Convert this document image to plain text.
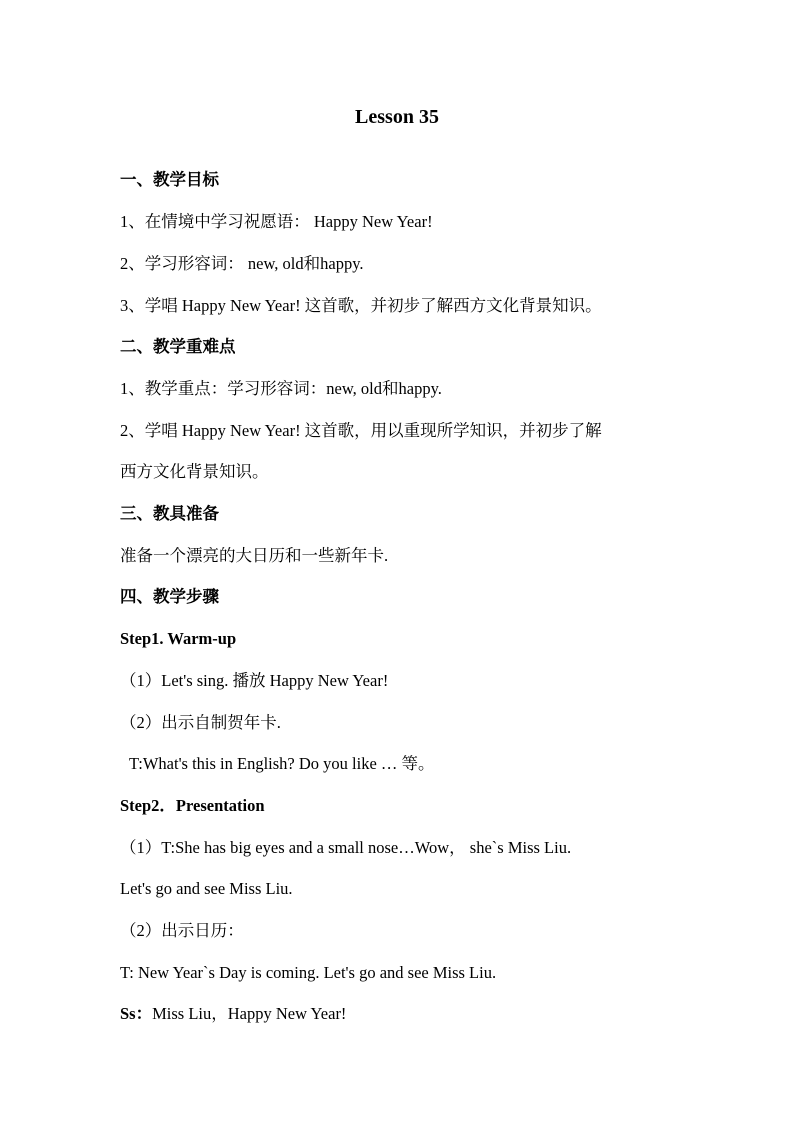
Lesson 35
一、教学目标
1、在情境中学习祝愿语： Happy New Year!
2、学习形容词： new, old和happy.
3、学唱 Happy New Year! 这首歌，并初步了解西方文化背景知识。
二、教学重难点
1、教学重点：学习形容词：new, old和happy.
2、学唱 Happy New Year! 这首歌，用以重现所学知识，并初步了解
西方文化背景知识。
三、教具准备
准备一个漂亮的大日历和一些新年卡.
四、教学步骤
Step1. Warm-up
（1）Let's sing. 播放 Happy New Year!
（2）出示自制贺年卡.
T:What's this in English? Do you like … 等。
Step2．Presentation
（1）T:She has big eyes and a small nose…Wow， she`s Miss Liu.
Let's go and see Miss Liu.
（2）出示日历：
T: New Year`s Day is coming. Let's go and see Miss Liu.
Ss：Miss Liu，Happy New Year!
